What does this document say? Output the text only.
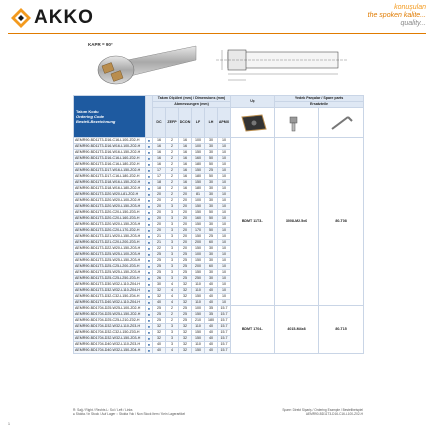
AKKO	konuşulan
the spoken kalite...
quality...
KAPR = 90°
Takım Kodu
Ordering Code
Bestell-Bezeichnung		Takım Ölçüleri (mm) / Dimensions (mm)						Uç	Yedek Parçalar / Spare parts	
		Abmessungen (mm)							Ersatzteile	
		DC	ZEFP	DCON	LF	LH	APMX	

AEMR90-BD11T3-D16-C16-L100-Z02-H	●	16	2	16	100	30	10	BDMT 11T3..	3008-M2.5x6	80-T08
AEMR90-BD11T3-D16-W16-L100-Z02-H	●	16	2	16	100	30	10			
AEMR90-BD11T3-D16-W16-L150-Z02-H	●	16	2	16	150	30	10			
AEMR90-BD11T3-D16-C16-L160-Z02-H	●	16	2	16	160	50	10			
AEMR90-BD11T3-D16-C16-L180-Z02-H	●	16	2	16	180	50	10			
AEMR90-BD11T3-D17-W16-L150-Z02-H	●	17	2	16	150	25	10			
AEMR90-BD11T3-D17-C16-L180-Z02-H	●	17	2	16	180	50	10			
AEMR90-BD11T3-D18-W16-L150-Z02-H	●	18	2	16	150	30	10			
AEMR90-BD11T3-D18-W16-L180-Z02-H	●	18	2	16	180	30	10			
AEMR90-BD11T3-D20-W20-L81-Z02-H	●	20	2	20	81	30	10			
AEMR90-BD11T3-D20-W20-L100-Z02-H	●	20	2	20	100	30	10			
AEMR90-BD11T3-D20-W20-L150-Z03-H	●	20	3	20	150	30	10			
AEMR90-BD11T3-D20-C20-L150-Z03-H	●	20	3	20	150	50	10			
AEMR90-BD11T3-D20-C20-L160-Z03-H	●	20	3	20	160	50	10			
AEMR90-BD11T3-D20-W20-L150-Z03-H	●	20	3	20	150	30	10			
AEMR90-BD11T3-D20-C20-L170-Z02-H	●	20	3	20	170	50	10			
AEMR90-BD11T3-D21-W20-L150-Z03-H	●	21	3	20	150	25	10			
AEMR90-BD11T3-D21-C20-L200-Z03-H	●	21	3	20	200	60	10			
AEMR90-BD11T3-D22-W20-L150-Z03-H	●	22	3	20	150	30	10			
AEMR90-BD11T3-D25-W25-L100-Z03-H	●	25	3	25	100	30	10			
AEMR90-BD11T3-D25-W25-L150-Z03-H	●	25	3	25	150	30	10			
AEMR90-BD11T3-D25-C25-L200-Z03-H	●	25	3	25	200	60	10			
AEMR90-BD11T3-D25-W25-L150-Z03-H	●	25	3	25	150	30	10			
AEMR90-BD11T3-D25-C25-L250-Z03-H	●	26	3	25	250	30	10			
AEMR90-BD11T3-D30-W32-L110-Z04-H	●	30	4	32	110	40	10			
AEMR90-BD11T3-D32-W32-L110-Z04-H	●	32	4	32	110	40	10			
AEMR90-BD11T3-D32-C32-L150-Z04-H	●	32	4	32	150	40	10			
AEMR90-BD11T3-D40-W32-L110-Z04-H	●	40	4	32	110	40	10			
AEMR90-BD1704-D25-W25-L100-Z02-H	●	25	2	25	100	35	15.7	BDMT 1704..	4015-M4x8	80-T15
AEMR90-BD1704-D25-W25-L150-Z02-H	●	25	2	25	150	35	15.7			
AEMR90-BD1704-D25-C25-L210-Z02-H	●	25	2	25	210	180	15.7			
AEMR90-BD1704-D32-W32-L110-Z03-H	●	32	3	32	110	40	15.7			
AEMR90-BD1704-D32-C32-L150-Z03-H	●	32	3	32	150	40	15.7			
AEMR90-BD1704-D32-W32-L150-Z03-H	●	32	3	32	150	40	15.7			
AEMR90-BD1704-D40-W32-L110-Z03-H	●	40	3	32	110	40	15.7			
AEMR90-BD1704-D40-W32-L150-Z04-H	●	40	4	32	150	40	15.7			
R: Sağ / Right / Rechts L: Sol / Left / Links
● Stokta / In Stock / Auf Lager ○ Stokta Yok / Non Stock Item / Kein Lagerartikel
Spare: Direkt Sipariş / Ordering Example / Bestellbeispiel
AEMR90-BD11T3-D16-C16-L100-Z02-H
1
